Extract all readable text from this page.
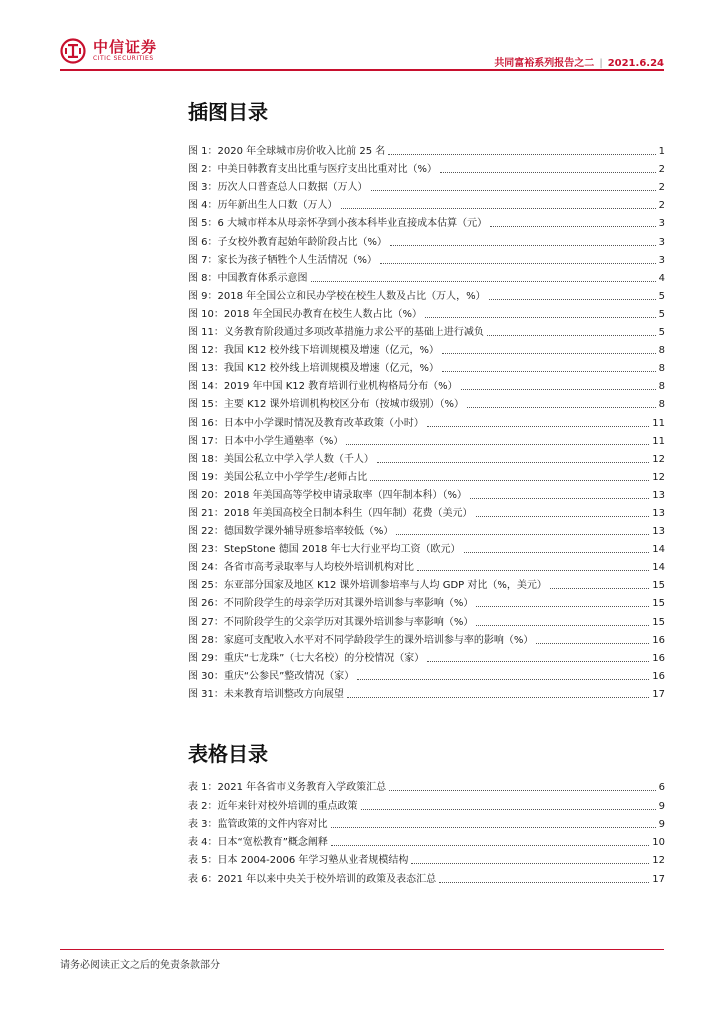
中信证券
CITIC SECURITIES	共同富裕系列报告之二 | 2021.6.24
插图目录
图 1：2020 年全球城市房价收入比前 25 名	1
图 2：中美日韩教育支出比重与医疗支出比重对比（%）	2
图 3：历次人口普查总人口数据（万人）	2
图 4：历年新出生人口数（万人）	2
图 5：6 大城市样本从母亲怀孕到小孩本科毕业直接成本估算（元）	3
图 6：子女校外教育起始年龄阶段占比（%）	3
图 7：家长为孩子牺牲个人生活情况（%）	3
图 8：中国教育体系示意图	4
图 9：2018 年全国公立和民办学校在校生人数及占比（万人，%）	5
图 10：2018 年全国民办教育在校生人数占比（%）	5
图 11：义务教育阶段通过多项改革措施力求公平的基础上进行减负	5
图 12：我国 K12 校外线下培训规模及增速（亿元，%）	8
图 13：我国 K12 校外线上培训规模及增速（亿元，%）	8
图 14：2019 年中国 K12 教育培训行业机构格局分布（%）	8
图 15：主要 K12 课外培训机构校区分布（按城市级别）（%）	8
图 16：日本中小学课时情况及教育改革政策（小时）	11
图 17：日本中小学生通塾率（%）	11
图 18：美国公私立中学入学人数（千人）	12
图 19：美国公私立中小学学生/老师占比	12
图 20：2018 年美国高等学校申请录取率（四年制本科）（%）	13
图 21：2018 年美国高校全日制本科生（四年制）花费（美元）	13
图 22：德国数学课外辅导班参培率较低（%）	13
图 23：StepStone 德国 2018 年七大行业平均工资（欧元）	14
图 24：各省市高考录取率与人均校外培训机构对比	14
图 25：东亚部分国家及地区 K12 课外培训参培率与人均 GDP 对比（%，美元）	15
图 26：不同阶段学生的母亲学历对其课外培训参与率影响（%）	15
图 27：不同阶段学生的父亲学历对其课外培训参与率影响（%）	15
图 28：家庭可支配收入水平对不同学龄段学生的课外培训参与率的影响（%）	16
图 29：重庆“七龙珠”（七大名校）的分校情况（家）	16
图 30：重庆“公参民”整改情况（家）	16
图 31：未来教育培训整改方向展望	17
表格目录
表 1：2021 年各省市义务教育入学政策汇总	6
表 2：近年来针对校外培训的重点政策	9
表 3：监管政策的文件内容对比	9
表 4：日本“宽松教育”概念阐释	10
表 5：日本 2004-2006 年学习塾从业者规模结构	12
表 6：2021 年以来中央关于校外培训的政策及表态汇总	17
请务必阅读正文之后的免责条款部分
